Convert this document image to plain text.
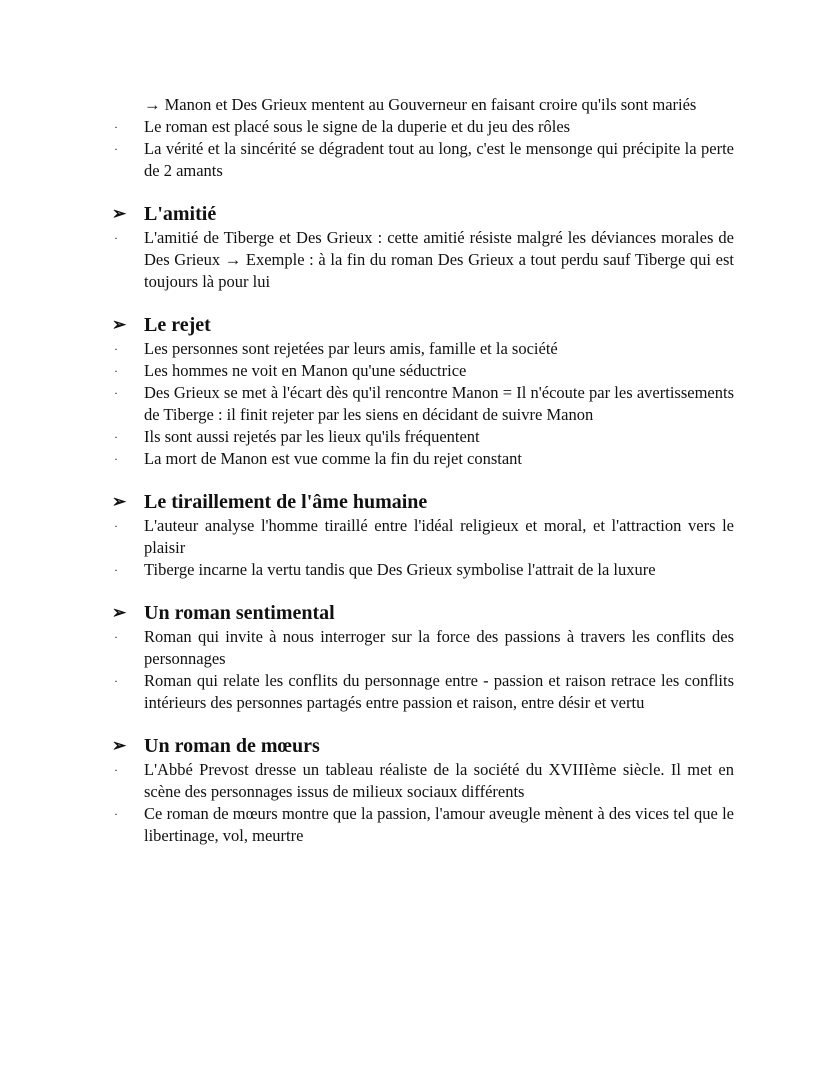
→ Manon et Des Grieux mentent au Gouverneur en faisant croire qu'ils sont mariés
· Le roman est placé sous le signe de la duperie et du jeu des rôles
· La vérité et la sincérité se dégradent tout au long, c'est le mensonge qui précipite la perte de 2 amants
➢ L'amitié
· L'amitié de Tiberge et Des Grieux : cette amitié résiste malgré les déviances morales de Des Grieux → Exemple : à la fin du roman Des Grieux a tout perdu sauf Tiberge qui est toujours là pour lui
➢ Le rejet
· Les personnes sont rejetées par leurs amis, famille et la société
· Les hommes ne voit en Manon qu'une séductrice
· Des Grieux se met à l'écart dès qu'il rencontre Manon = Il n'écoute par les avertissements de Tiberge : il finit rejeter par les siens en décidant de suivre Manon
· Ils sont aussi rejetés par les lieux qu'ils fréquentent
· La mort de Manon est vue comme la fin du rejet constant
➢ Le tiraillement de l'âme humaine
· L'auteur analyse l'homme tiraillé entre l'idéal religieux et moral, et l'attraction vers le plaisir
· Tiberge incarne la vertu tandis que Des Grieux symbolise l'attrait de la luxure
➢ Un roman sentimental
· Roman qui invite à nous interroger sur la force des passions à travers les conflits des personnages
· Roman qui relate les conflits du personnage entre - passion et raison retrace les conflits intérieurs des personnes partagés entre passion et raison, entre désir et vertu
➢ Un roman de mœurs
· L'Abbé Prevost dresse un tableau réaliste de la société du XVIIIème siècle. Il met en scène des personnages issus de milieux sociaux différents
· Ce roman de mœurs montre que la passion, l'amour aveugle mènent à des vices tel que le libertinage, vol, meurtre
